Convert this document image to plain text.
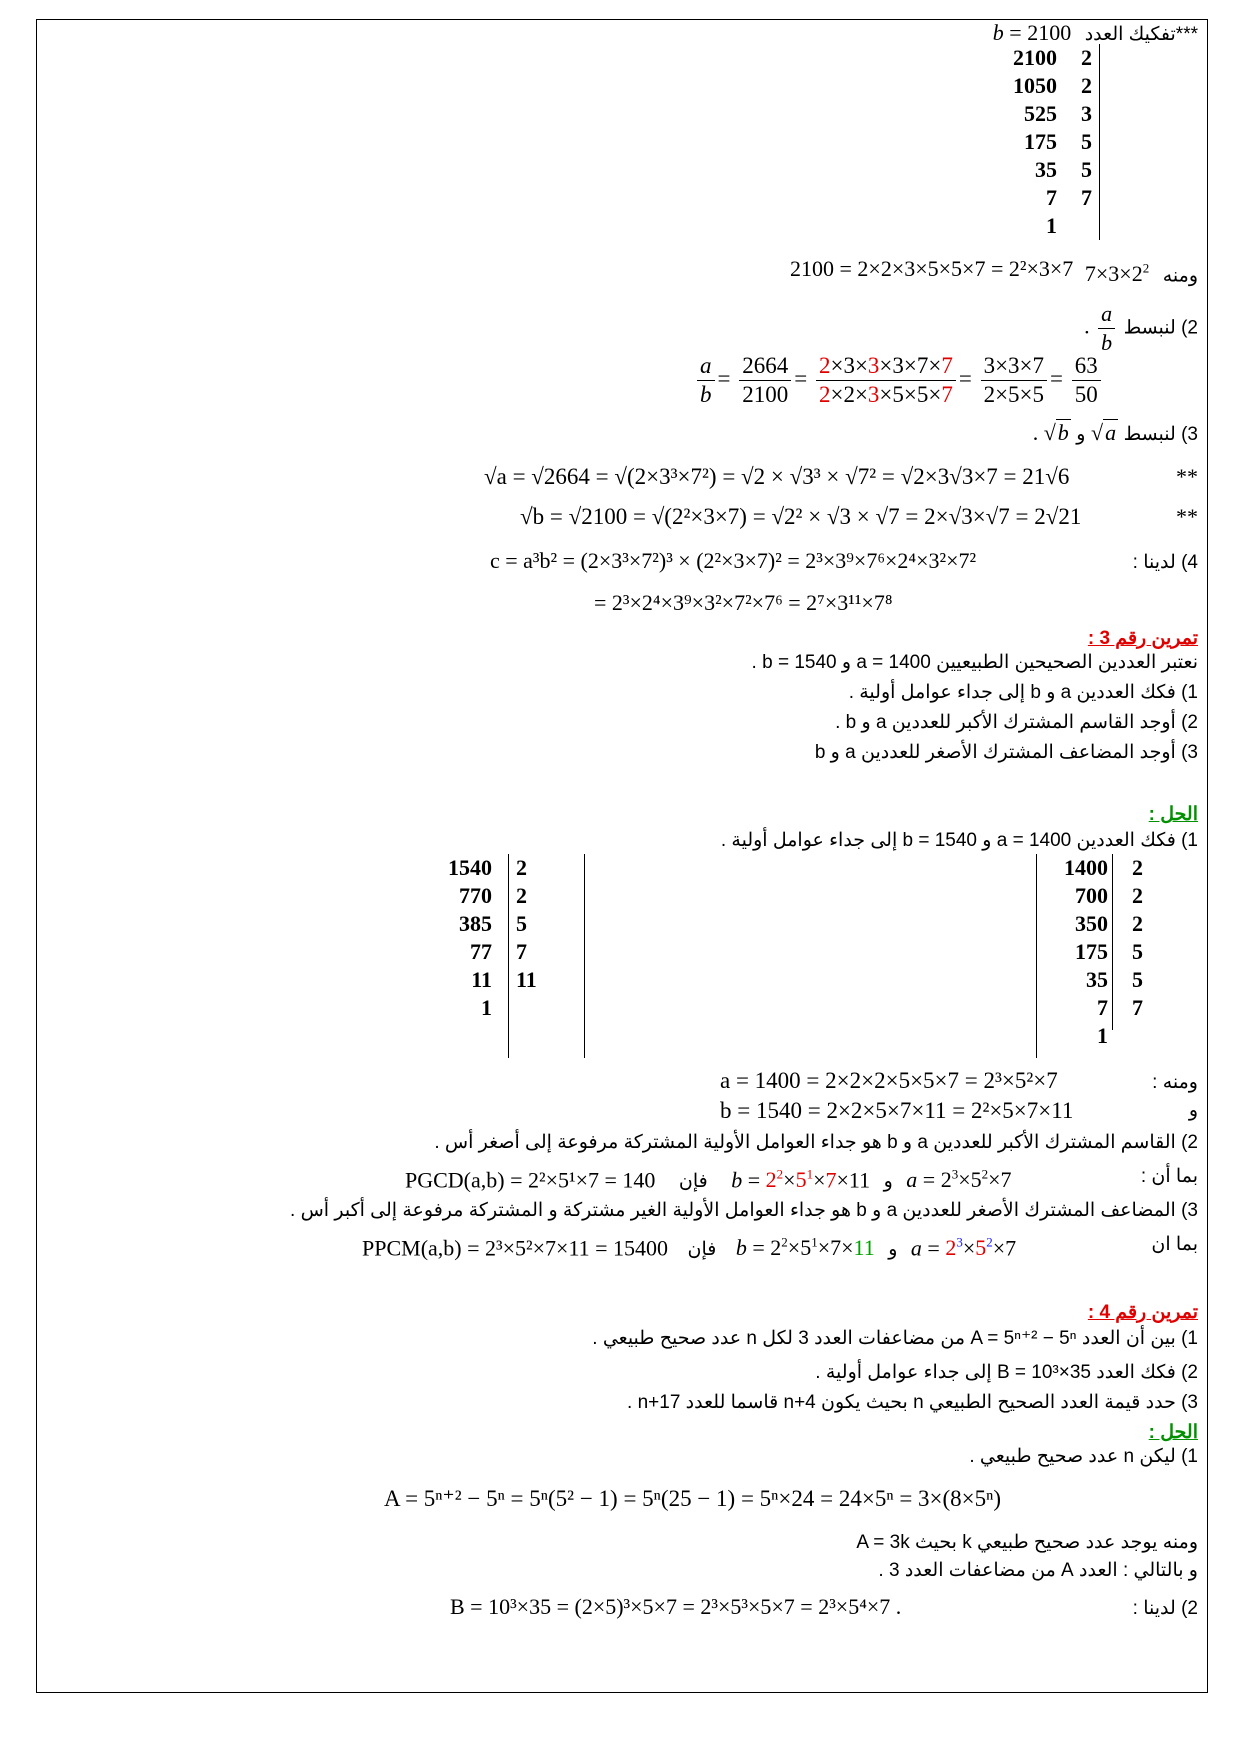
***تفكيك العدد b = 2100
2100	2
1050	2
525	3
175	5
35	5
7	7
1
ومنه $7\times 3\times 2^2$
2100 = 2×2×3×5×5×7 = 2²×3×7
2) لنبسط
$\frac{a}{b}$
.
$\frac{a}{b} = \frac{2664}{2100} = \frac{2\times 3\times 3\times 3\times 7\times 7}{2\times 2\times 3\times 5\times 5\times 7} = \frac{3\times 3\times 7}{2\times 5\times 5} = \frac{63}{50}$
3) لنبسط √a و √b .
√a = √2664 = √(2×3³×7²) = √2 × √3³ × √7² = √2×3√3×7 = 21√6	**
√b = √2100 = √(2²×3×7) = √2² × √3 × √7 = 2×√3×√7 = 2√21	**
4) لدينا :
c = a³b² = (2×3³×7²)³ × (2²×3×7)² = 2³×3⁹×7⁶×2⁴×3²×7²
= 2³×2⁴×3⁹×3²×7²×7⁶ = 2⁷×3¹¹×7⁸
تمرين رقم 3 :
نعتبر العددين الصحيحين الطبيعيين a = 1400 و b = 1540 .
1) فكك العددين a و b إلى جداء عوامل أولية .
2) أوجد القاسم المشترك الأكبر للعددين a و b .
3) أوجد المضاعف المشترك الأصغر للعددين a و b
الحل :
1) فكك العددين a = 1400 و b = 1540 إلى جداء عوامل أولية .
1400	2
700	2
350	2
175	5
35	5
7	7
1
1540	2
770	2
385	5
77	7
11	11
1
ومنه :
a = 1400 = 2×2×2×5×5×7 = 2³×5²×7
و
b = 1540 = 2×2×5×7×11 = 2²×5×7×11
2) القاسم المشترك الأكبر للعددين a و b هو جداء العوامل الأولية المشتركة مرفوعة إلى أصغر أس .
بما أن :
PGCD(a,b) = 2²×5¹×7 = 140 فإن $b = 2^2\times 5^1\times 7\times 11$ و $a = 2^3\times 5^2\times 7$
3) المضاعف المشترك الأصغر للعددين a و b هو جداء العوامل الأولية الغير مشتركة و المشتركة مرفوعة إلى أكبر أس .
بما ان
PPCM(a,b) = 2³×5²×7×11 = 15400 فإن $b = 2^2\times 5^1\times 7\times 11$ و $a = 2^3\times 5^2\times 7$
تمرين رقم 4 :
1) بين أن العدد A = 5ⁿ⁺² − 5ⁿ من مضاعفات العدد 3 لكل n عدد صحيح طبيعي .
2) فكك العدد B = 10³×35 إلى جداء عوامل أولية .
3) حدد قيمة العدد الصحيح الطبيعي n بحيث يكون n+4 قاسما للعدد n+17 .
الحل :
1) ليكن n عدد صحيح طبيعي .
A = 5ⁿ⁺² − 5ⁿ = 5ⁿ(5² − 1) = 5ⁿ(25 − 1) = 5ⁿ×24 = 24×5ⁿ = 3×(8×5ⁿ)
ومنه يوجد عدد صحيح طبيعي k بحيث A = 3k
و بالتالي : العدد A من مضاعفات العدد 3 .
2) لدينا :
B = 10³×35 = (2×5)³×5×7 = 2³×5³×5×7 = 2³×5⁴×7 .
